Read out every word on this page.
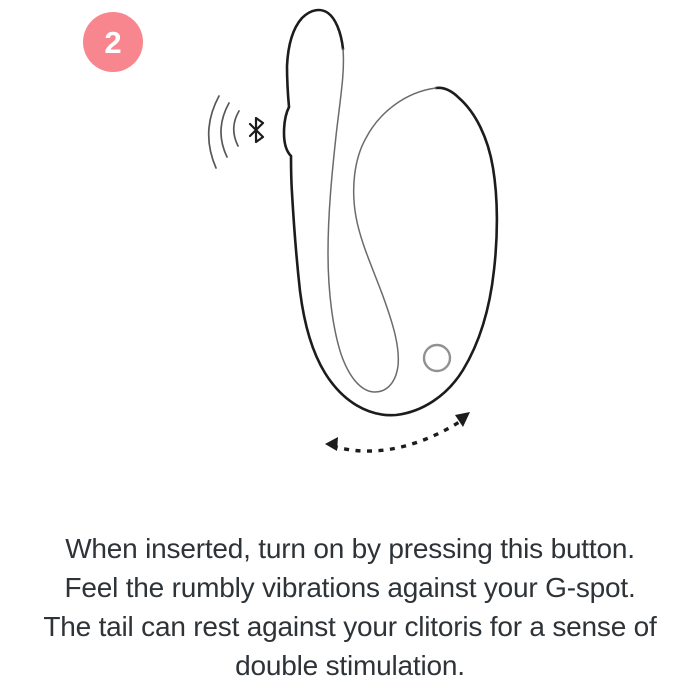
2
When inserted, turn on by pressing this button.
Feel the rumbly vibrations against your G-spot.
The tail can rest against your clitoris for a sense of
double stimulation.
